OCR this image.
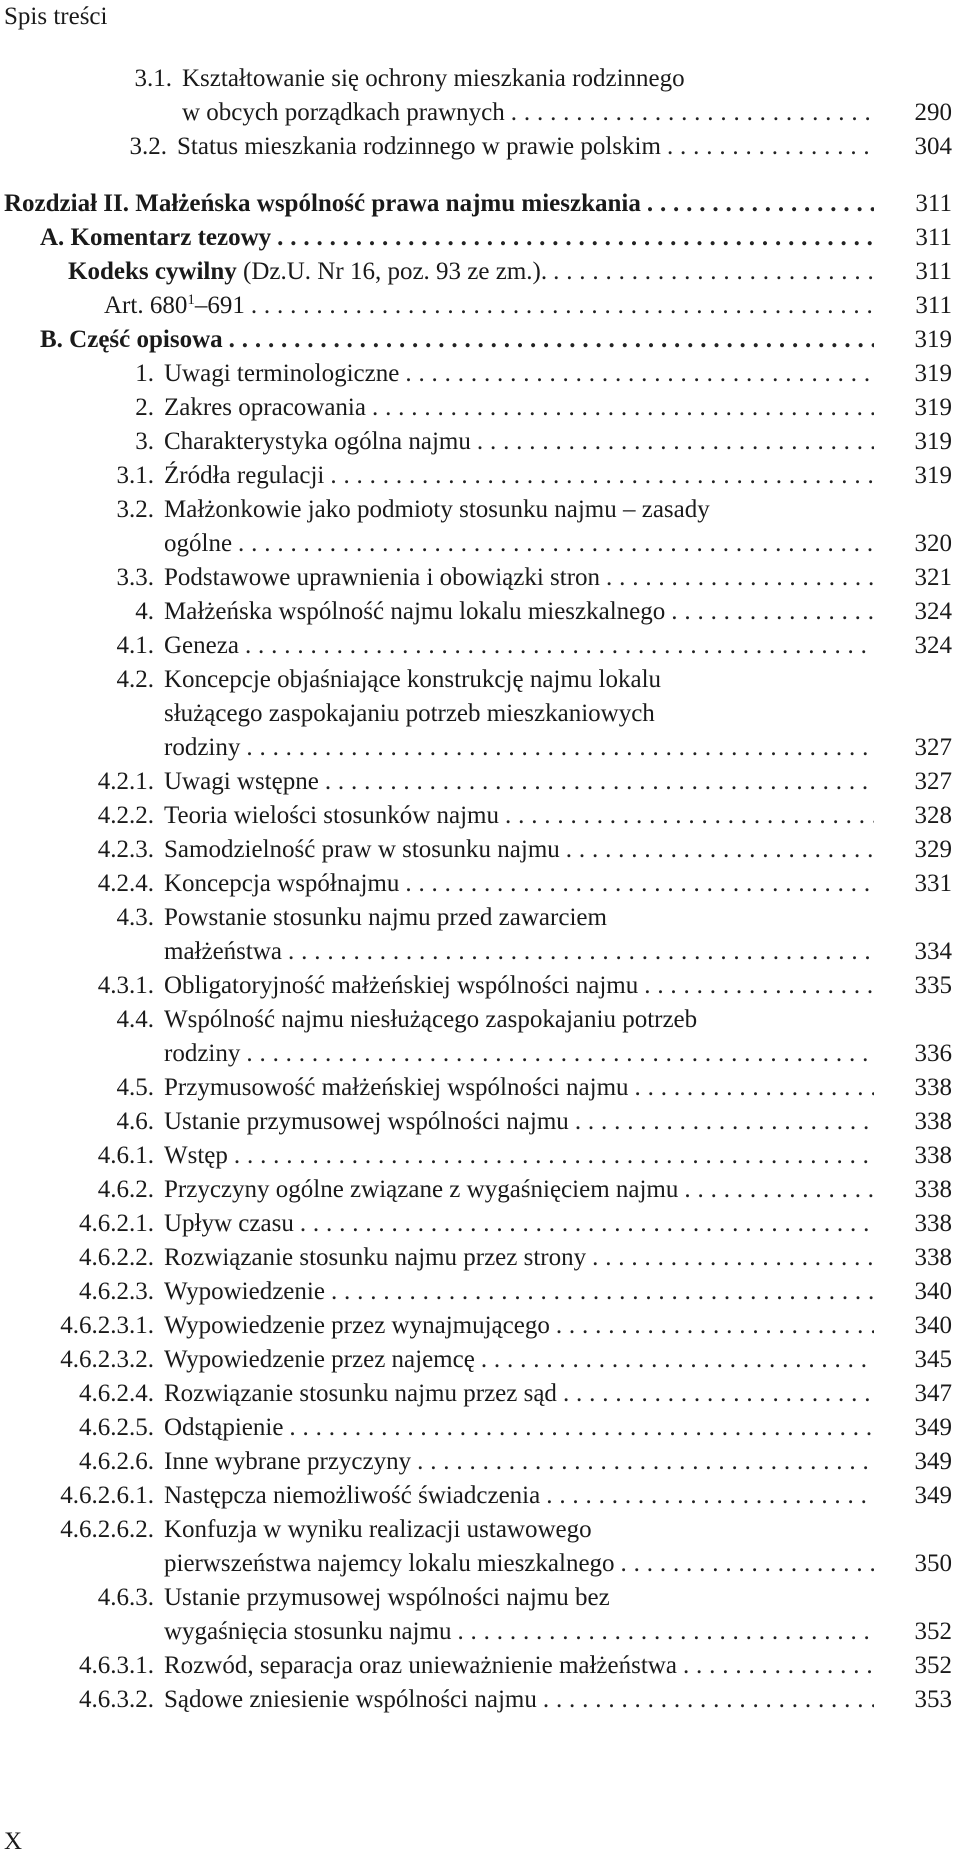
Spis treści
3.1. Kształtowanie się ochrony mieszkania rodzinnego
w obcych porządkach prawnych . . .	290
3.2. Status mieszkania rodzinnego w prawie polskim . . .	304
Rozdział II. Małżeńska wspólność prawa najmu mieszkania . . .	311
A. Komentarz tezowy . . .	311
Kodeks cywilny (Dz.U. Nr 16, poz. 93 ze zm.). . . .	311
Art. $680^1-691$ . . .	311
B. Część opisowa . . .	319
1. Uwagi terminologiczne . . .	319
2. Zakres opracowania . . .	319
3. Charakterystyka ogólna najmu . . .	319
3.1. Źródła regulacji . . .	319
3.2. Małżonkowie jako podmioty stosunku najmu – zasady
ogólne . . .	320
3.3. Podstawowe uprawnienia i obowiązki stron . . .	321
4. Małżeńska wspólność najmu lokalu mieszkalnego . . .	324
4.1. Geneza . . .	324
4.2. Koncepcje objaśniające konstrukcję najmu lokalu
służącego zaspokajaniu potrzeb mieszkaniowych
rodziny . . .	327
4.2.1. Uwagi wstępne . . .	327
4.2.2. Teoria wielości stosunków najmu . . .	328
4.2.3. Samodzielność praw w stosunku najmu . . .	329
4.2.4. Koncepcja współnajmu . . .	331
4.3. Powstanie stosunku najmu przed zawarciem
małżeństwa . . .	334
4.3.1. Obligatoryjność małżeńskiej wspólności najmu . . .	335
4.4. Wspólność najmu niesłużącego zaspokajaniu potrzeb
rodziny . . .	336
4.5. Przymusowość małżeńskiej wspólności najmu . . .	338
4.6. Ustanie przymusowej wspólności najmu . . .	338
4.6.1. Wstęp . . .	338
4.6.2. Przyczyny ogólne związane z wygaśnięciem najmu . . .	338
4.6.2.1. Upływ czasu . . .	338
4.6.2.2. Rozwiązanie stosunku najmu przez strony . . .	338
4.6.2.3. Wypowiedzenie . . .	340
4.6.2.3.1. Wypowiedzenie przez wynajmującego . . .	340
4.6.2.3.2. Wypowiedzenie przez najemcę . . .	345
4.6.2.4. Rozwiązanie stosunku najmu przez sąd . . .	347
4.6.2.5. Odstąpienie . . .	349
4.6.2.6. Inne wybrane przyczyny . . .	349
4.6.2.6.1. Następcza niemożliwość świadczenia . . .	349
4.6.2.6.2. Konfuzja w wyniku realizacji ustawowego
pierwszeństwa najemcy lokalu mieszkalnego . . .	350
4.6.3. Ustanie przymusowej wspólności najmu bez
wygaśnięcia stosunku najmu . . .	352
4.6.3.1. Rozwód, separacja oraz unieważnienie małżeństwa . . .	352
4.6.3.2. Sądowe zniesienie wspólności najmu . . .	353
X
